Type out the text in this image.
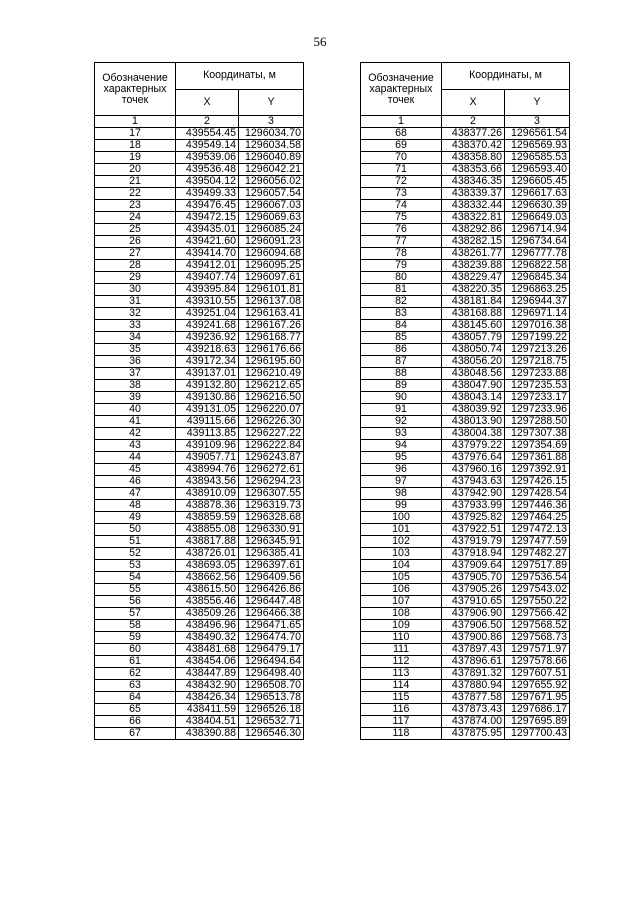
56
Обозначение характерных точек	Координаты, м	
	X	Y
1	2	3
17	439554.45	1296034.70
18	439549.14	1296034.58
19	439539.06	1296040.89
20	439536.48	1296042.21
21	439504.12	1296056.02
22	439499.33	1296057.54
23	439476.45	1296067.03
24	439472.15	1296069.63
25	439435.01	1296085.24
26	439421.60	1296091.23
27	439414.70	1296094.68
28	439412.01	1296095.25
29	439407.74	1296097.61
30	439395.84	1296101.81
31	439310.55	1296137.08
32	439251.04	1296163.41
33	439241.68	1296167.26
34	439236.92	1296168.77
35	439218.63	1296176.66
36	439172.34	1296195.60
37	439137.01	1296210.49
38	439132.80	1296212.65
39	439130.86	1296216.50
40	439131.05	1296220.07
41	439115.66	1296226.30
42	439113.85	1296227.22
43	439109.96	1296222.84
44	439057.71	1296243.87
45	438994.76	1296272.61
46	438943.56	1296294.23
47	438910.09	1296307.55
48	438878.36	1296319.73
49	438859.59	1296328.68
50	438855.08	1296330.91
51	438817.88	1296345.91
52	438726.01	1296385.41
53	438693.05	1296397.61
54	438662.56	1296409.56
55	438615.50	1296426.86
56	438556.46	1296447.48
57	438509.26	1296466.38
58	438496.96	1296471.65
59	438490.32	1296474.70
60	438481.68	1296479.17
61	438454.06	1296494.64
62	438447.89	1296498.40
63	438432.90	1296508.70
64	438426.34	1296513.78
65	438411.59	1296526.18
66	438404.51	1296532.71
67	438390.88	1296546.30
Обозначение характерных точек	Координаты, м	
	X	Y
1	2	3
68	438377.26	1296561.54
69	438370.42	1296569.93
70	438358.80	1296585.53
71	438353.66	1296593.40
72	438346.35	1296605.45
73	438339.37	1296617.63
74	438332.44	1296630.39
75	438322.81	1296649.03
76	438292.86	1296714.94
77	438282.15	1296734.64
78	438261.77	1296777.78
79	438239.88	1296822.58
80	438229.47	1296845.34
81	438220.35	1296863.25
82	438181.84	1296944.37
83	438168.88	1296971.14
84	438145.60	1297016.38
85	438057.79	1297199.22
86	438050.74	1297213.26
87	438056.20	1297218.75
88	438048.56	1297233.88
89	438047.90	1297235.53
90	438043.14	1297233.17
91	438039.92	1297233.96
92	438013.90	1297288.50
93	438004.38	1297307.38
94	437979.22	1297354.69
95	437976.64	1297361.88
96	437960.16	1297392.91
97	437943.63	1297426.15
98	437942.90	1297428.54
99	437933.99	1297446.36
100	437925.82	1297464.25
101	437922.51	1297472.13
102	437919.79	1297477.59
103	437918.94	1297482.27
104	437909.64	1297517.89
105	437905.70	1297536.54
106	437905.26	1297543.02
107	437910.65	1297550.22
108	437906.90	1297566.42
109	437906.50	1297568.52
110	437900.86	1297568.73
111	437897.43	1297571.97
112	437896.61	1297578.66
113	437891.32	1297607.51
114	437880.94	1297655.92
115	437877.58	1297671.95
116	437873.43	1297686.17
117	437874.00	1297695.89
118	437875.95	1297700.43
